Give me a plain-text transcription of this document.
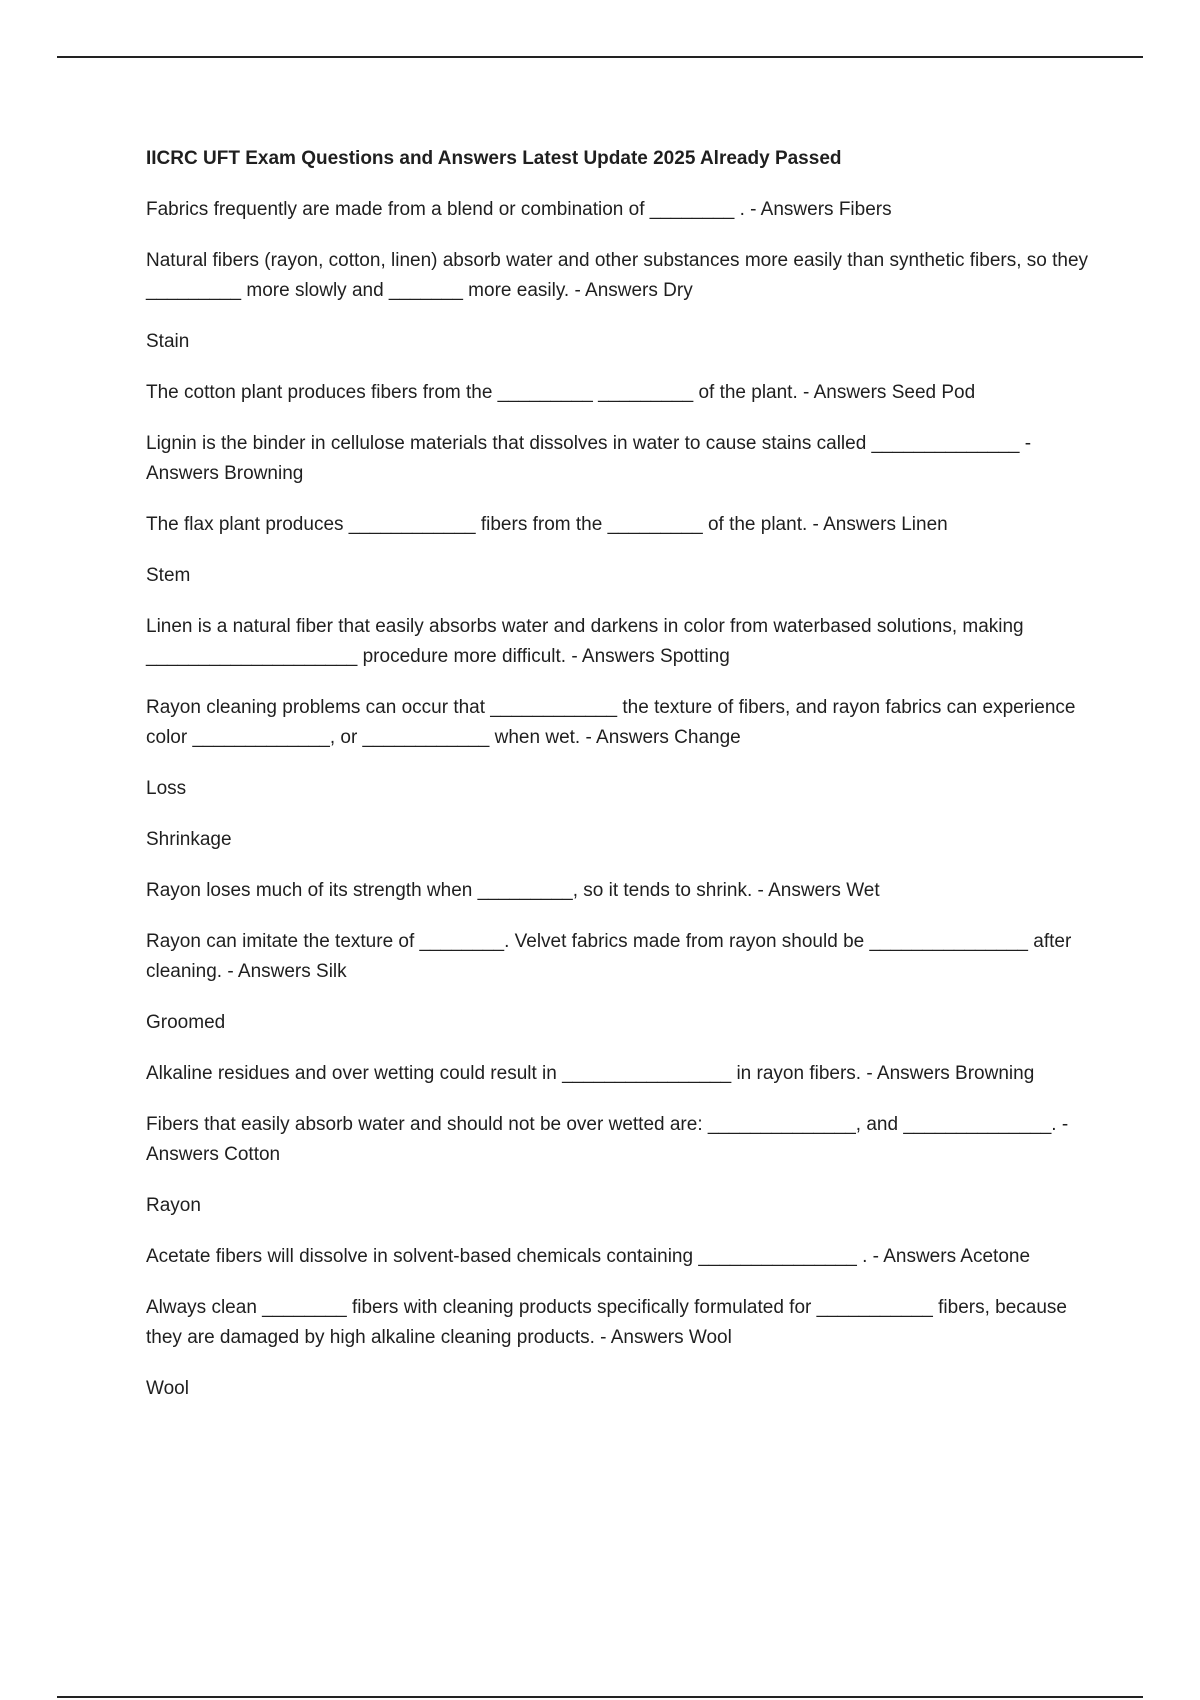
IICRC UFT Exam Questions and Answers Latest Update 2025 Already Passed

Fabrics frequently are made from a blend or combination of ________ . - Answers Fibers

Natural fibers (rayon, cotton, linen) absorb water and other substances more easily than synthetic fibers, so they _________ more slowly and _______ more easily. - Answers Dry

Stain

The cotton plant produces fibers from the _________ _________ of the plant. - Answers Seed Pod

Lignin is the binder in cellulose materials that dissolves in water to cause stains called ______________ - Answers Browning

The flax plant produces ____________ fibers from the _________ of the plant. - Answers Linen

Stem

Linen is a natural fiber that easily absorbs water and darkens in color from waterbased solutions, making ____________________ procedure more difficult. - Answers Spotting

Rayon cleaning problems can occur that ____________ the texture of fibers, and rayon fabrics can experience color _____________, or ____________ when wet. - Answers Change

Loss

Shrinkage

Rayon loses much of its strength when _________, so it tends to shrink. - Answers Wet

Rayon can imitate the texture of ________. Velvet fabrics made from rayon should be _______________ after cleaning. - Answers Silk

Groomed

Alkaline residues and over wetting could result in ________________ in rayon fibers. - Answers Browning

Fibers that easily absorb water and should not be over wetted are: ______________, and ______________. - Answers Cotton

Rayon

Acetate fibers will dissolve in solvent-based chemicals containing _______________ . - Answers Acetone

Always clean ________ fibers with cleaning products specifically formulated for ___________ fibers, because they are damaged by high alkaline cleaning products. - Answers Wool

Wool
